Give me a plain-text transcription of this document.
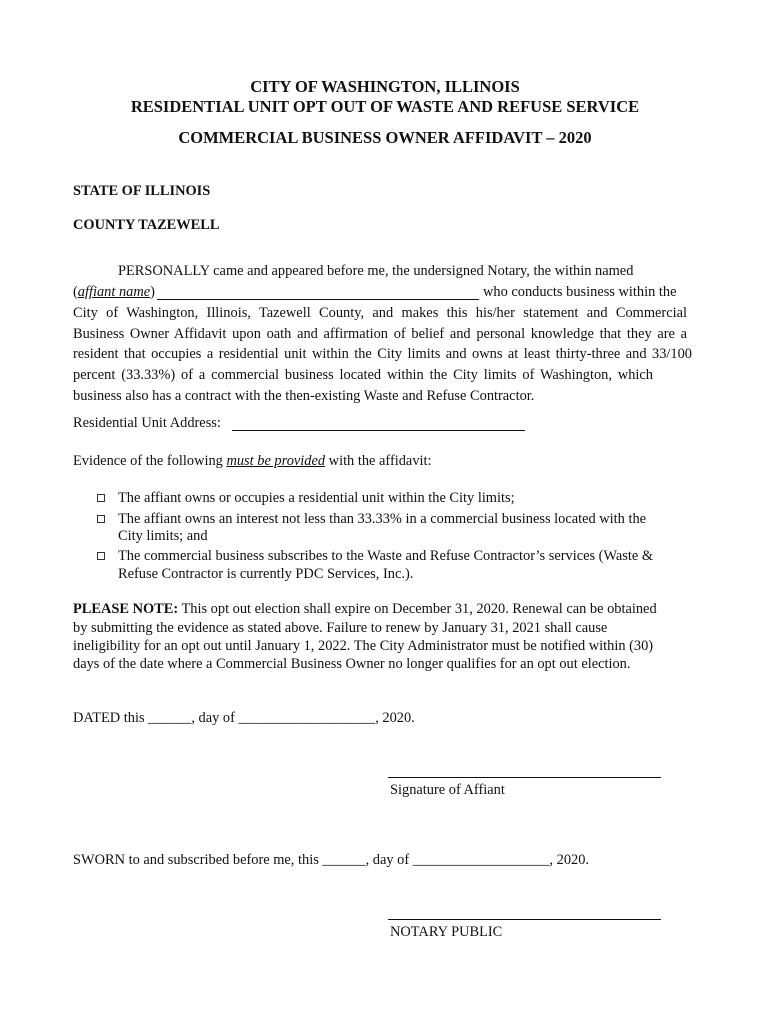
CITY OF WASHINGTON, ILLINOIS
RESIDENTIAL UNIT OPT OUT OF WASTE AND REFUSE SERVICE
COMMERCIAL BUSINESS OWNER AFFIDAVIT – 2020
STATE OF ILLINOIS
COUNTY TAZEWELL
PERSONALLY came and appeared before me, the undersigned Notary, the within named
(affiant name)	who conducts business within the
City of Washington, Illinois, Tazewell County, and makes this his/her statement and Commercial
Business Owner Affidavit upon oath and affirmation of belief and personal knowledge that they are a
resident that occupies a residential unit within the City limits and owns at least thirty-three and 33/100
percent (33.33%) of a commercial business located within the City limits of Washington, which
business also has a contract with the then-existing Waste and Refuse Contractor.
Residential Unit Address:
Evidence of the following must be provided with the affidavit:
The affiant owns or occupies a residential unit within the City limits;
The affiant owns an interest not less than 33.33% in a commercial business located with the
City limits; and
The commercial business subscribes to the Waste and Refuse Contractor’s services (Waste &
Refuse Contractor is currently PDC Services, Inc.).
PLEASE NOTE: This opt out election shall expire on December 31, 2020. Renewal can be obtained
by submitting the evidence as stated above. Failure to renew by January 31, 2021 shall cause
ineligibility for an opt out until January 1, 2022. The City Administrator must be notified within (30)
days of the date where a Commercial Business Owner no longer qualifies for an opt out election.
DATED this ______, day of ___________________, 2020.
Signature of Affiant
SWORN to and subscribed before me, this ______, day of ___________________, 2020.
NOTARY PUBLIC
